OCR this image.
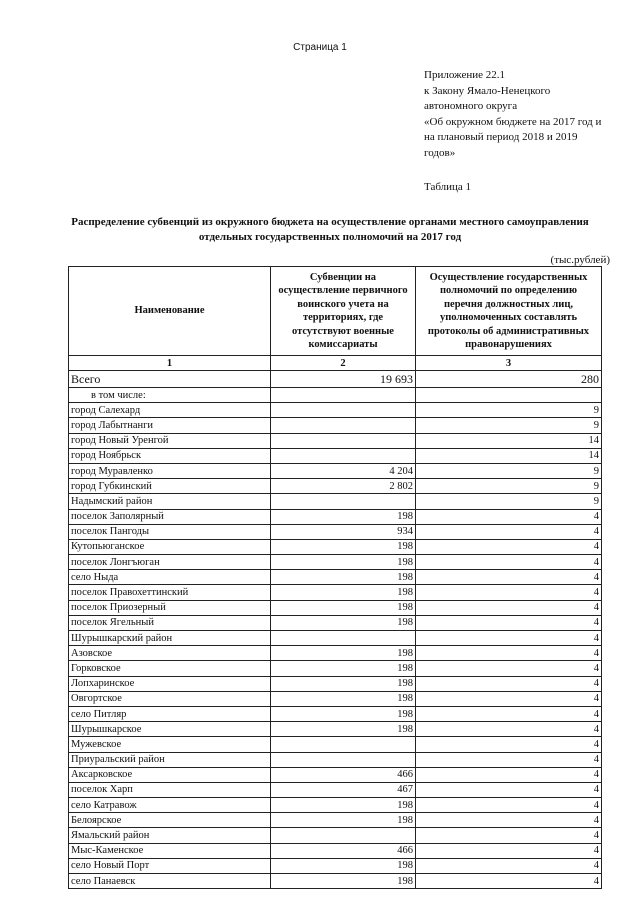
Страница 1
Приложение 22.1
к Закону Ямало-Ненецкого
автономного округа
«Об окружном бюджете на 2017 год и
на плановый период 2018 и 2019
годов»
Таблица 1
Распределение субвенций из окружного бюджета на осуществление органами местного самоуправления
отдельных государственных полномочий на 2017 год
(тыс.рублей)
Наименование	Субвенции на осуществление первичного воинского учета на территориях, где отсутствуют военные комиссариаты	Осуществление государственных полномочий по определению перечня должностных лиц, уполномоченных составлять протоколы об административных правонарушениях
1	2	3
Всего	19 693	280
в том числе:		
город Салехард		9
город Лабытнанги		9
город Новый Уренгой		14
город Ноябрьск		14
город Муравленко	4 204	9
город Губкинский	2 802	9
Надымский район		9
поселок Заполярный	198	4
поселок Пангоды	934	4
Кутопьюганское	198	4
поселок Лонгъюган	198	4
село Ныда	198	4
поселок Правохеттинский	198	4
поселок Приозерный	198	4
поселок Ягельный	198	4
Шурышкарский район		4
Азовское	198	4
Горковское	198	4
Лопхаринское	198	4
Овгортское	198	4
село Питляр	198	4
Шурышкарское	198	4
Мужевское		4
Приуральский район		4
Аксарковское	466	4
поселок Харп	467	4
село Катравож	198	4
Белоярское	198	4
Ямальский район		4
Мыс-Каменское	466	4
село Новый Порт	198	4
село Панаевск	198	4
